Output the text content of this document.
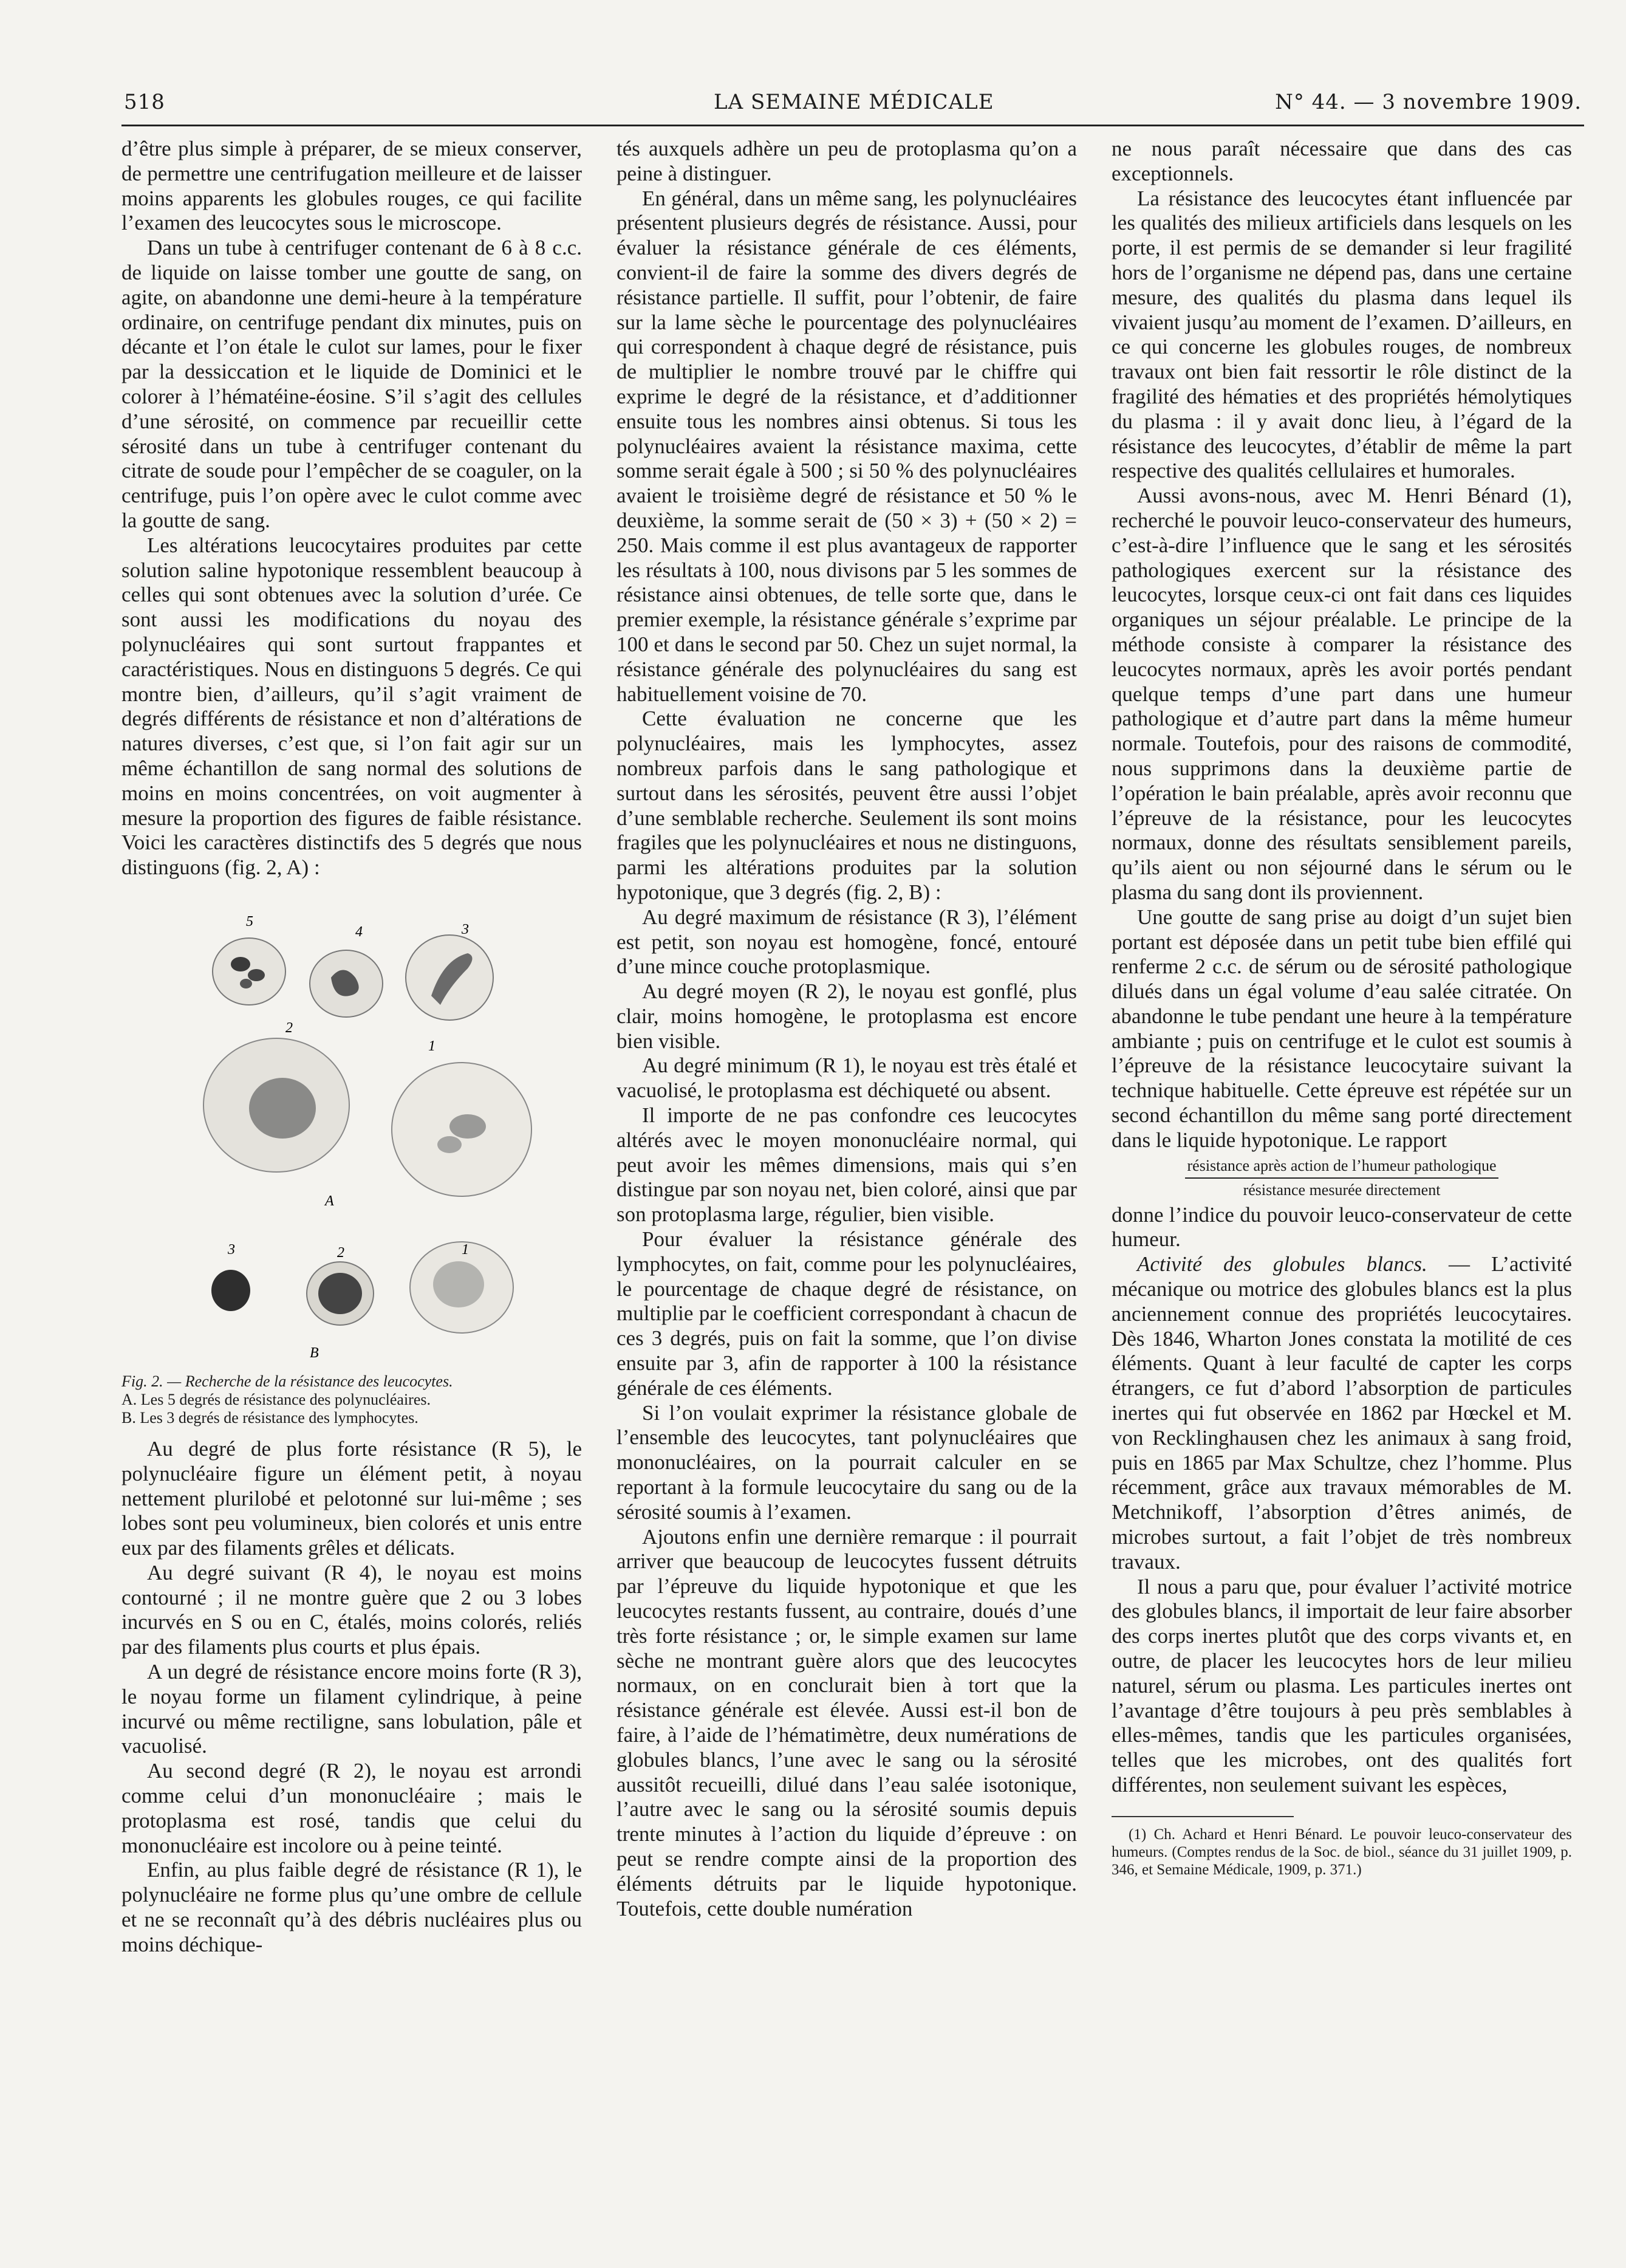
518	LA SEMAINE MÉDICALE	N° 44. — 3 novembre 1909.

d’être plus simple à préparer, de se mieux conserver, de permettre une centrifugation meilleure et de laisser moins apparents les globules rouges, ce qui facilite l’examen des leucocytes sous le microscope.

Dans un tube à centrifuger contenant de 6 à 8 c.c. de liquide on laisse tomber une goutte de sang, on agite, on abandonne une demi-heure à la température ordinaire, on centrifuge pendant dix minutes, puis on décante et l’on étale le culot sur lames, pour le fixer par la dessiccation et le liquide de Dominici et le colorer à l’hématéine-éosine. S’il s’agit des cellules d’une sérosité, on commence par recueillir cette sérosité dans un tube à centrifuger contenant du citrate de soude pour l’empêcher de se coaguler, on la centrifuge, puis l’on opère avec le culot comme avec la goutte de sang.

Les altérations leucocytaires produites par cette solution saline hypotonique ressemblent beaucoup à celles qui sont obtenues avec la solution d’urée. Ce sont aussi les modifications du noyau des polynucléaires qui sont surtout frappantes et caractéristiques. Nous en distinguons 5 degrés. Ce qui montre bien, d’ailleurs, qu’il s’agit vraiment de degrés différents de résistance et non d’altérations de natures diverses, c’est que, si l’on fait agir sur un même échantillon de sang normal des solutions de moins en moins concentrées, on voit augmenter à mesure la proportion des figures de faible résistance. Voici les caractères distinctifs des 5 degrés que nous distinguons (fig. 2, A) :

5
4	3
2
1
A
3	2	1
B
Fig. 2. — Recherche de la résistance des leucocytes.
A. Les 5 degrés de résistance des polynucléaires.
B. Les 3 degrés de résistance des lymphocytes.

Au degré de plus forte résistance (R 5), le polynucléaire figure un élément petit, à noyau nettement plurilobé et pelotonné sur lui-même ; ses lobes sont peu volumineux, bien colorés et unis entre eux par des filaments grêles et délicats.

Au degré suivant (R 4), le noyau est moins contourné ; il ne montre guère que 2 ou 3 lobes incurvés en S ou en C, étalés, moins colorés, reliés par des filaments plus courts et plus épais.

A un degré de résistance encore moins forte (R 3), le noyau forme un filament cylindrique, à peine incurvé ou même rectiligne, sans lobulation, pâle et vacuolisé.

Au second degré (R 2), le noyau est arrondi comme celui d’un mononucléaire ; mais le protoplasma est rosé, tandis que celui du mononucléaire est incolore ou à peine teinté.

Enfin, au plus faible degré de résistance (R 1), le polynucléaire ne forme plus qu’une ombre de cellule et ne se reconnaît qu’à des débris nucléaires plus ou moins déchique-

tés auxquels adhère un peu de protoplasma qu’on a peine à distinguer.

En général, dans un même sang, les polynucléaires présentent plusieurs degrés de résistance. Aussi, pour évaluer la résistance générale de ces éléments, convient-il de faire la somme des divers degrés de résistance partielle. Il suffit, pour l’obtenir, de faire sur la lame sèche le pourcentage des polynucléaires qui correspondent à chaque degré de résistance, puis de multiplier le nombre trouvé par le chiffre qui exprime le degré de la résistance, et d’additionner ensuite tous les nombres ainsi obtenus. Si tous les polynucléaires avaient la résistance maxima, cette somme serait égale à 500 ; si 50 % des polynucléaires avaient le troisième degré de résistance et 50 % le deuxième, la somme serait de (50 × 3) + (50 × 2) = 250. Mais comme il est plus avantageux de rapporter les résultats à 100, nous divisons par 5 les sommes de résistance ainsi obtenues, de telle sorte que, dans le premier exemple, la résistance générale s’exprime par 100 et dans le second par 50. Chez un sujet normal, la résistance générale des polynucléaires du sang est habituellement voisine de 70.

Cette évaluation ne concerne que les polynucléaires, mais les lymphocytes, assez nombreux parfois dans le sang pathologique et surtout dans les sérosités, peuvent être aussi l’objet d’une semblable recherche. Seulement ils sont moins fragiles que les polynucléaires et nous ne distinguons, parmi les altérations produites par la solution hypotonique, que 3 degrés (fig. 2, B) :

Au degré maximum de résistance (R 3), l’élément est petit, son noyau est homogène, foncé, entouré d’une mince couche protoplasmique.

Au degré moyen (R 2), le noyau est gonflé, plus clair, moins homogène, le protoplasma est encore bien visible.

Au degré minimum (R 1), le noyau est très étalé et vacuolisé, le protoplasma est déchiqueté ou absent.

Il importe de ne pas confondre ces leucocytes altérés avec le moyen mononucléaire normal, qui peut avoir les mêmes dimensions, mais qui s’en distingue par son noyau net, bien coloré, ainsi que par son protoplasma large, régulier, bien visible.

Pour évaluer la résistance générale des lymphocytes, on fait, comme pour les polynucléaires, le pourcentage de chaque degré de résistance, on multiplie par le coefficient correspondant à chacun de ces 3 degrés, puis on fait la somme, que l’on divise ensuite par 3, afin de rapporter à 100 la résistance générale de ces éléments.

Si l’on voulait exprimer la résistance globale de l’ensemble des leucocytes, tant polynucléaires que mononucléaires, on la pourrait calculer en se reportant à la formule leucocytaire du sang ou de la sérosité soumis à l’examen.

Ajoutons enfin une dernière remarque : il pourrait arriver que beaucoup de leucocytes fussent détruits par l’épreuve du liquide hypotonique et que les leucocytes restants fussent, au contraire, doués d’une très forte résistance ; or, le simple examen sur lame sèche ne montrant guère alors que des leucocytes normaux, on en conclurait bien à tort que la résistance générale est élevée. Aussi est-il bon de faire, à l’aide de l’hématimètre, deux numérations de globules blancs, l’une avec le sang ou la sérosité aussitôt recueilli, dilué dans l’eau salée isotonique, l’autre avec le sang ou la sérosité soumis depuis trente minutes à l’action du liquide d’épreuve : on peut se rendre compte ainsi de la proportion des éléments détruits par le liquide hypotonique. Toutefois, cette double numération

ne nous paraît nécessaire que dans des cas exceptionnels.

La résistance des leucocytes étant influencée par les qualités des milieux artificiels dans lesquels on les porte, il est permis de se demander si leur fragilité hors de l’organisme ne dépend pas, dans une certaine mesure, des qualités du plasma dans lequel ils vivaient jusqu’au moment de l’examen. D’ailleurs, en ce qui concerne les globules rouges, de nombreux travaux ont bien fait ressortir le rôle distinct de la fragilité des hématies et des propriétés hémolytiques du plasma : il y avait donc lieu, à l’égard de la résistance des leucocytes, d’établir de même la part respective des qualités cellulaires et humorales.

Aussi avons-nous, avec M. Henri Bénard (1), recherché le pouvoir leuco-conservateur des humeurs, c’est-à-dire l’influence que le sang et les sérosités pathologiques exercent sur la résistance des leucocytes, lorsque ceux-ci ont fait dans ces liquides organiques un séjour préalable. Le principe de la méthode consiste à comparer la résistance des leucocytes normaux, après les avoir portés pendant quelque temps d’une part dans une humeur pathologique et d’autre part dans la même humeur normale. Toutefois, pour des raisons de commodité, nous supprimons dans la deuxième partie de l’opération le bain préalable, après avoir reconnu que l’épreuve de la résistance, pour les leucocytes normaux, donne des résultats sensiblement pareils, qu’ils aient ou non séjourné dans le sérum ou le plasma du sang dont ils proviennent.

Une goutte de sang prise au doigt d’un sujet bien portant est déposée dans un petit tube bien effilé qui renferme 2 c.c. de sérum ou de sérosité pathologique dilués dans un égal volume d’eau salée citratée. On abandonne le tube pendant une heure à la température ambiante ; puis on centrifuge et le culot est soumis à l’épreuve de la résistance leucocytaire suivant la technique habituelle. Cette épreuve est répétée sur un second échantillon du même sang porté directement dans le liquide hypotonique. Le rapport

résistance après action de l’humeur pathologique
résistance mesurée directement

donne l’indice du pouvoir leuco-conservateur de cette humeur.

Activité des globules blancs. — L’activité mécanique ou motrice des globules blancs est la plus anciennement connue des propriétés leucocytaires. Dès 1846, Wharton Jones constata la motilité de ces éléments. Quant à leur faculté de capter les corps étrangers, ce fut d’abord l’absorption de particules inertes qui fut observée en 1862 par Hœckel et M. von Recklinghausen chez les animaux à sang froid, puis en 1865 par Max Schultze, chez l’homme. Plus récemment, grâce aux travaux mémorables de M. Metchnikoff, l’absorption d’êtres animés, de microbes surtout, a fait l’objet de très nombreux travaux.

Il nous a paru que, pour évaluer l’activité motrice des globules blancs, il importait de leur faire absorber des corps inertes plutôt que des corps vivants et, en outre, de placer les leucocytes hors de leur milieu naturel, sérum ou plasma. Les particules inertes ont l’avantage d’être toujours à peu près semblables à elles-mêmes, tandis que les particules organisées, telles que les microbes, ont des qualités fort différentes, non seulement suivant les espèces,

(1) Ch. Achard et Henri Bénard. Le pouvoir leuco-conservateur des humeurs. (Comptes rendus de la Soc. de biol., séance du 31 juillet 1909, p. 346, et Semaine Médicale, 1909, p. 371.)
